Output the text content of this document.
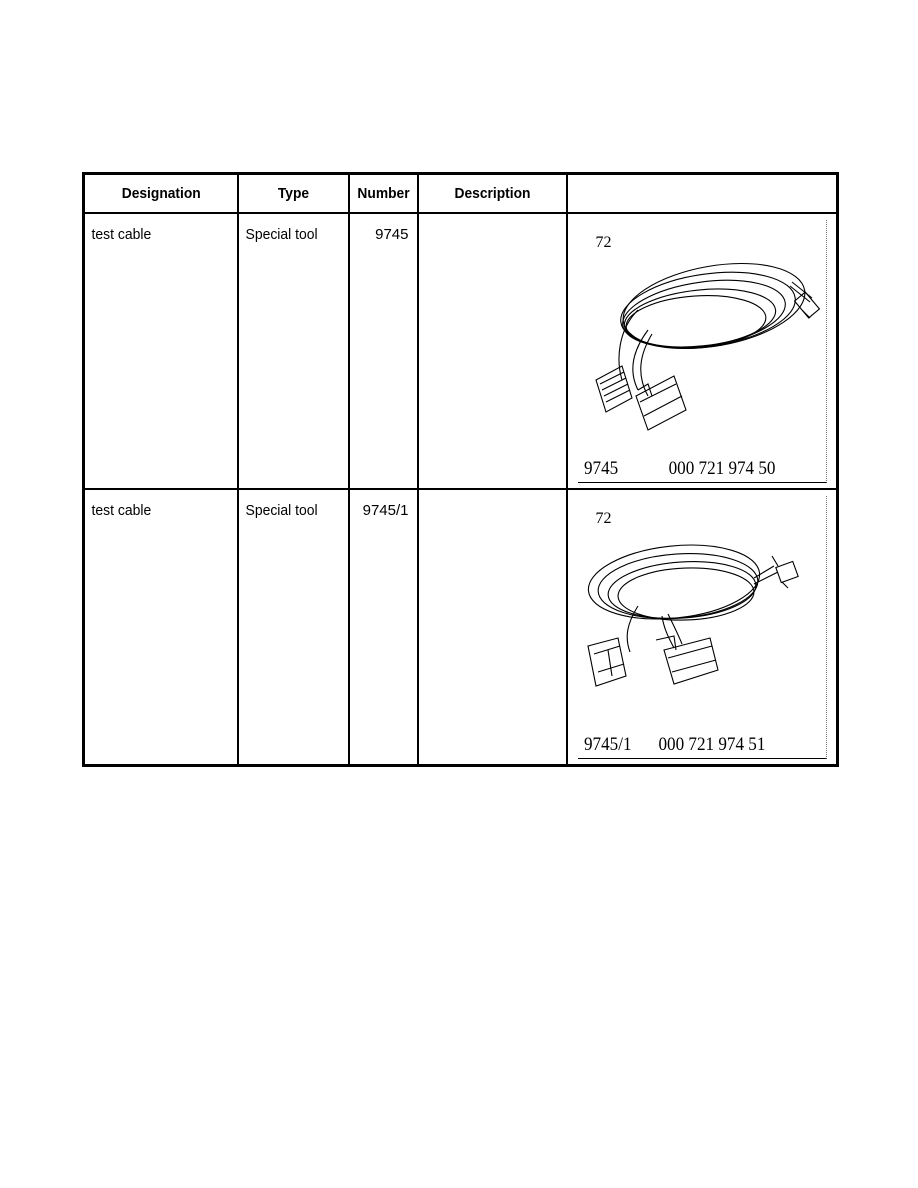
Designation	Type	Number	Description	

test cable	Special tool	9745		72
9745 000 721 974 50

test cable	Special tool	9745/1		72
9745/1 000 721 974 51
